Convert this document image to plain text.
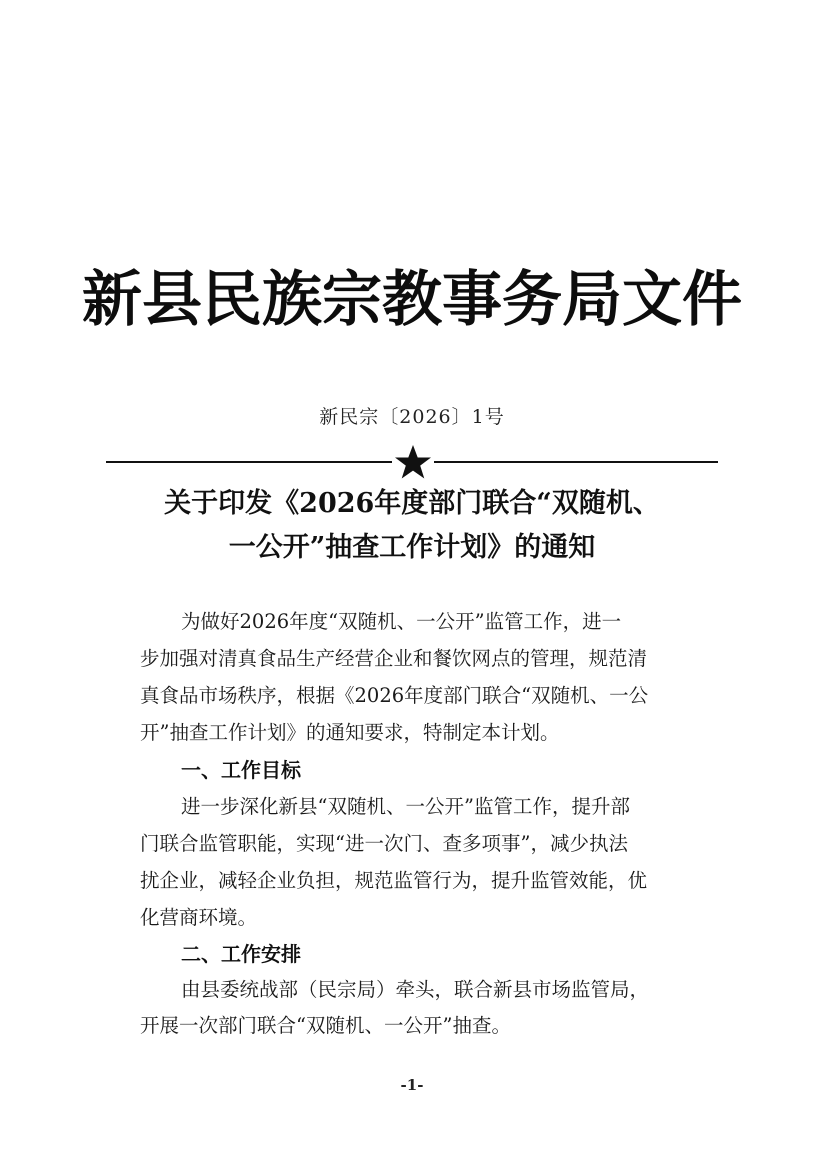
新县民族宗教事务局文件
新民宗〔2026〕1号
关于印发《2026年度部门联合“双随机、
一公开”抽查工作计划》的通知
为做好2026年度“双随机、一公开”监管工作，进一
步加强对清真食品生产经营企业和餐饮网点的管理，规范清
真食品市场秩序，根据《2026年度部门联合“双随机、一公
开”抽查工作计划》的通知要求，特制定本计划。
一、工作目标
进一步深化新县“双随机、一公开”监管工作，提升部
门联合监管职能，实现“进一次门、查多项事”，减少执法
扰企业，减轻企业负担，规范监管行为，提升监管效能，优
化营商环境。
二、工作安排
由县委统战部（民宗局）牵头，联合新县市场监管局，
开展一次部门联合“双随机、一公开”抽查。
-1-
